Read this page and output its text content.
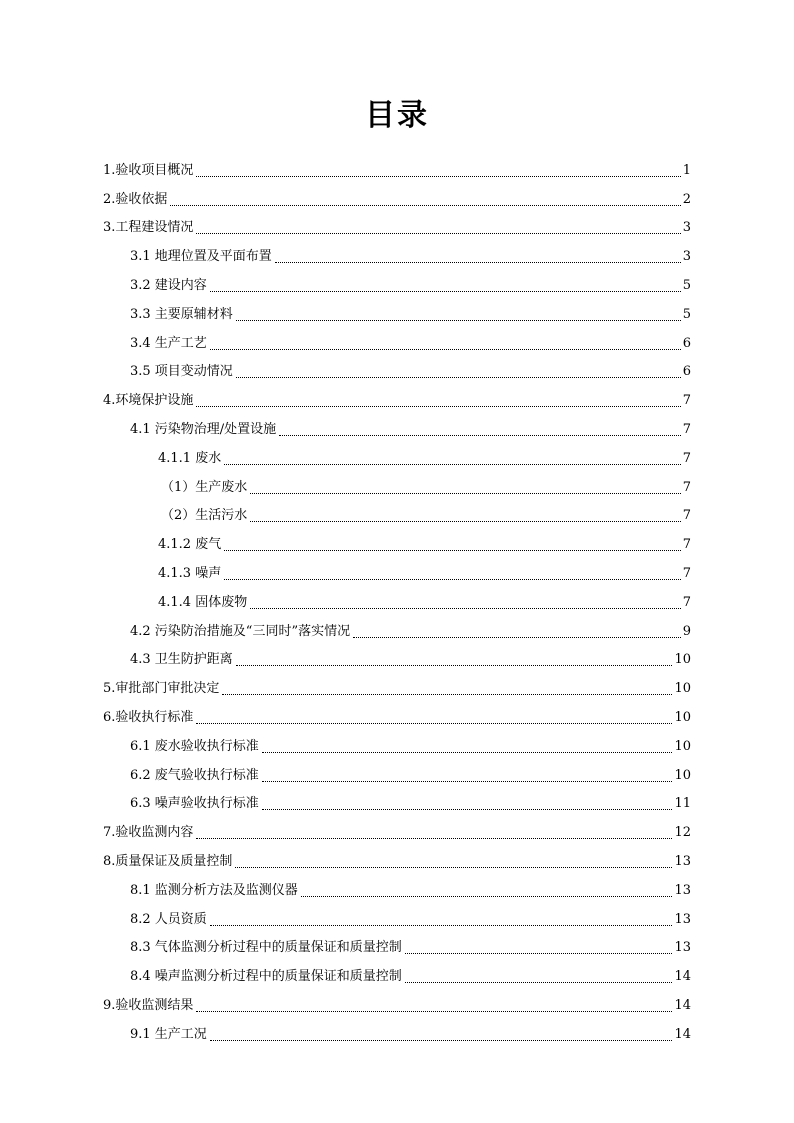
目录
1.验收项目概况	1
2.验收依据	2
3.工程建设情况	3
3.1 地理位置及平面布置	3
3.2 建设内容	5
3.3 主要原辅材料	5
3.4 生产工艺	6
3.5 项目变动情况	6
4.环境保护设施	7
4.1 污染物治理/处置设施	7
4.1.1 废水	7
（1）生产废水	7
（2）生活污水	7
4.1.2 废气	7
4.1.3 噪声	7
4.1.4 固体废物	7
4.2 污染防治措施及“三同时”落实情况	9
4.3 卫生防护距离	10
5.审批部门审批决定	10
6.验收执行标准	10
6.1 废水验收执行标准	10
6.2 废气验收执行标准	10
6.3 噪声验收执行标准	11
7.验收监测内容	12
8.质量保证及质量控制	13
8.1 监测分析方法及监测仪器	13
8.2 人员资质	13
8.3 气体监测分析过程中的质量保证和质量控制	13
8.4 噪声监测分析过程中的质量保证和质量控制	14
9.验收监测结果	14
9.1 生产工况	14
